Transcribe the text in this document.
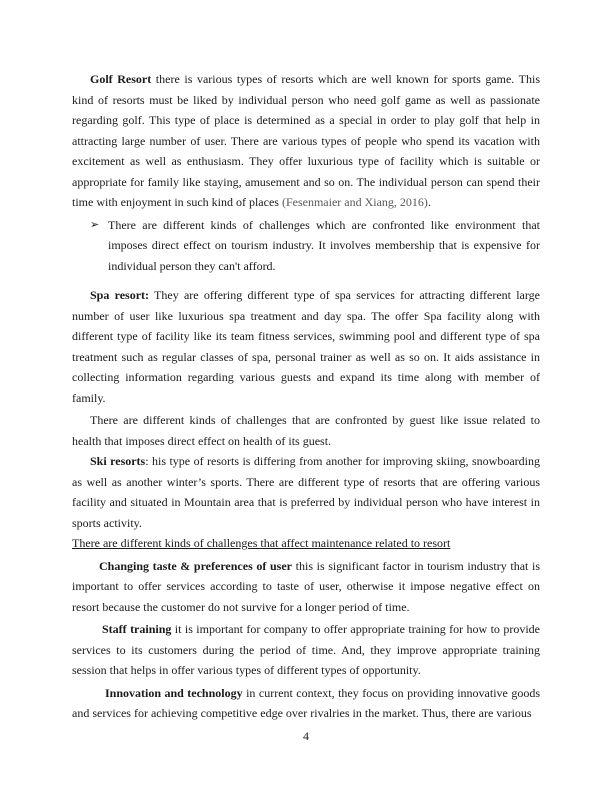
Golf Resort there is various types of resorts which are well known for sports game. This kind of resorts must be liked by individual person who need golf game as well as passionate regarding golf. This type of place is determined as a special in order to play golf that help in attracting large number of user. There are various types of people who spend its vacation with excitement as well as enthusiasm. They offer luxurious type of facility which is suitable or appropriate for family like staying, amusement and so on. The individual person can spend their time with enjoyment in such kind of places (Fesenmaier and Xiang, 2016).

➢ There are different kinds of challenges which are confronted like environment that imposes direct effect on tourism industry. It involves membership that is expensive for individual person they can't afford.

Spa resort: They are offering different type of spa services for attracting different large number of user like luxurious spa treatment and day spa. The offer Spa facility along with different type of facility like its team fitness services, swimming pool and different type of spa treatment such as regular classes of spa, personal trainer as well as so on. It aids assistance in collecting information regarding various guests and expand its time along with member of family.

There are different kinds of challenges that are confronted by guest like issue related to health that imposes direct effect on health of its guest.

Ski resorts: his type of resorts is differing from another for improving skiing, snowboarding as well as another winter’s sports. There are different type of resorts that are offering various facility and situated in Mountain area that is preferred by individual person who have interest in sports activity.

There are different kinds of challenges that affect maintenance related to resort

Changing taste & preferences of user this is significant factor in tourism industry that is important to offer services according to taste of user, otherwise it impose negative effect on resort because the customer do not survive for a longer period of time.

Staff training it is important for company to offer appropriate training for how to provide services to its customers during the period of time. And, they improve appropriate training session that helps in offer various types of different types of opportunity.

Innovation and technology in current context, they focus on providing innovative goods and services for achieving competitive edge over rivalries in the market. Thus, there are various

4
